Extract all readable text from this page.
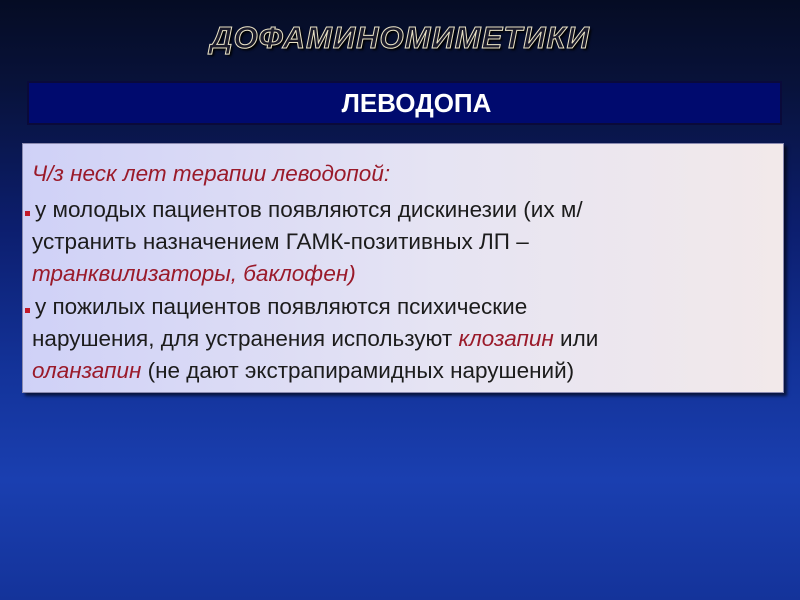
ДОФАМИНОМИМЕТИКИ
ЛЕВОДОПА
Ч/з неск лет терапии леводопой:
у молодых пациентов появляются дискинезии (их м/
устранить назначением ГАМК-позитивных ЛП –
транквилизаторы, баклофен)
у пожилых пациентов появляются психические
нарушения, для устранения используют клозапин или
оланзапин (не дают экстрапирамидных нарушений)
